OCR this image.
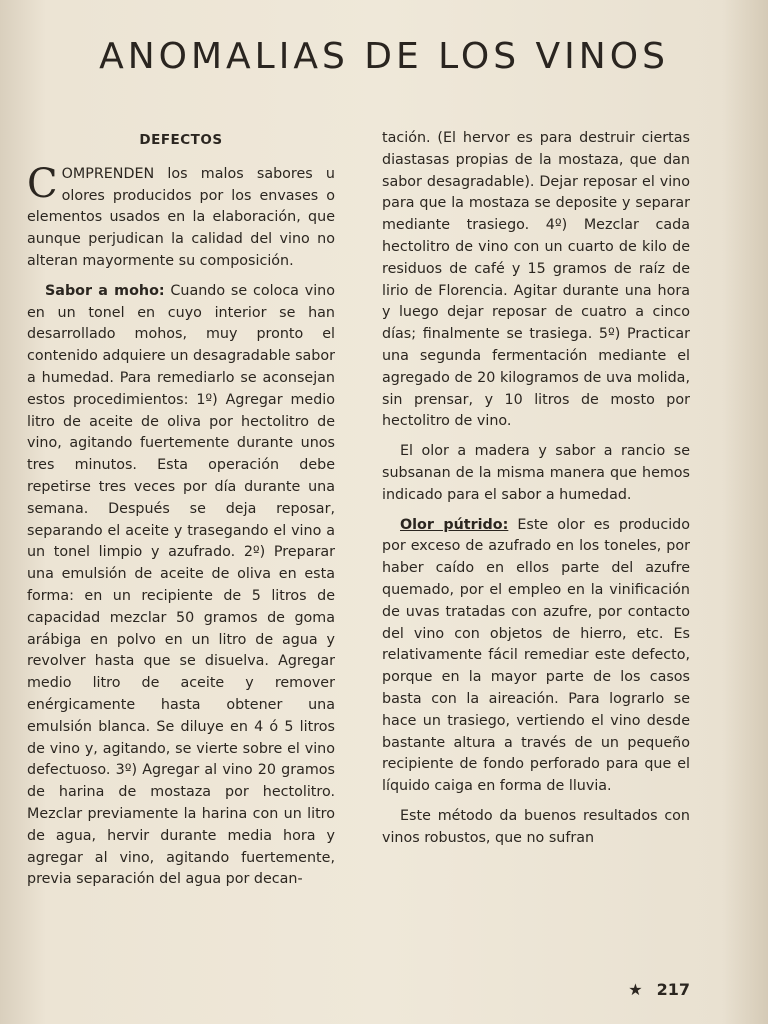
ANOMALIAS DE LOS VINOS
DEFECTOS

COMPRENDEN los malos sabores u olores producidos por los envases o elementos usados en la elaboración, que aunque perjudican la calidad del vino no alteran mayormente su composición.

Sabor a moho: Cuando se coloca vino en un tonel en cuyo interior se han desarrollado mohos, muy pronto el contenido adquiere un desagradable sabor a humedad. Para remediarlo se aconsejan estos procedimientos: 1º) Agregar medio litro de aceite de oliva por hectolitro de vino, agitando fuertemente durante unos tres minutos. Esta operación debe repetirse tres veces por día durante una semana. Después se deja reposar, separando el aceite y trasegando el vino a un tonel limpio y azufrado. 2º) Preparar una emulsión de aceite de oliva en esta forma: en un recipiente de 5 litros de capacidad mezclar 50 gramos de goma arábiga en polvo en un litro de agua y revolver hasta que se disuelva. Agregar medio litro de aceite y remover enérgicamente hasta obtener una emulsión blanca. Se diluye en 4 ó 5 litros de vino y, agitando, se vierte sobre el vino defectuoso. 3º) Agregar al vino 20 gramos de harina de mostaza por hectolitro. Mezclar previamente la harina con un litro de agua, hervir durante media hora y agregar al vino, agitando fuertemente, previa separación del agua por decan-

tación. (El hervor es para destruir ciertas diastasas propias de la mostaza, que dan sabor desagradable). Dejar reposar el vino para que la mostaza se deposite y separar mediante trasiego. 4º) Mezclar cada hectolitro de vino con un cuarto de kilo de residuos de café y 15 gramos de raíz de lirio de Florencia. Agitar durante una hora y luego dejar reposar de cuatro a cinco días; finalmente se trasiega. 5º) Practicar una segunda fermentación mediante el agregado de 20 kilogramos de uva molida, sin prensar, y 10 litros de mosto por hectolitro de vino.

El olor a madera y sabor a rancio se subsanan de la misma manera que hemos indicado para el sabor a humedad.

Olor pútrido: Este olor es producido por exceso de azufrado en los toneles, por haber caído en ellos parte del azufre quemado, por el empleo en la vinificación de uvas tratadas con azufre, por contacto del vino con objetos de hierro, etc. Es relativamente fácil remediar este defecto, porque en la mayor parte de los casos basta con la aireación. Para lograrlo se hace un trasiego, vertiendo el vino desde bastante altura a través de un pequeño recipiente de fondo perforado para que el líquido caiga en forma de lluvia.

Este método da buenos resultados con vinos robustos, que no sufran

★ 217
